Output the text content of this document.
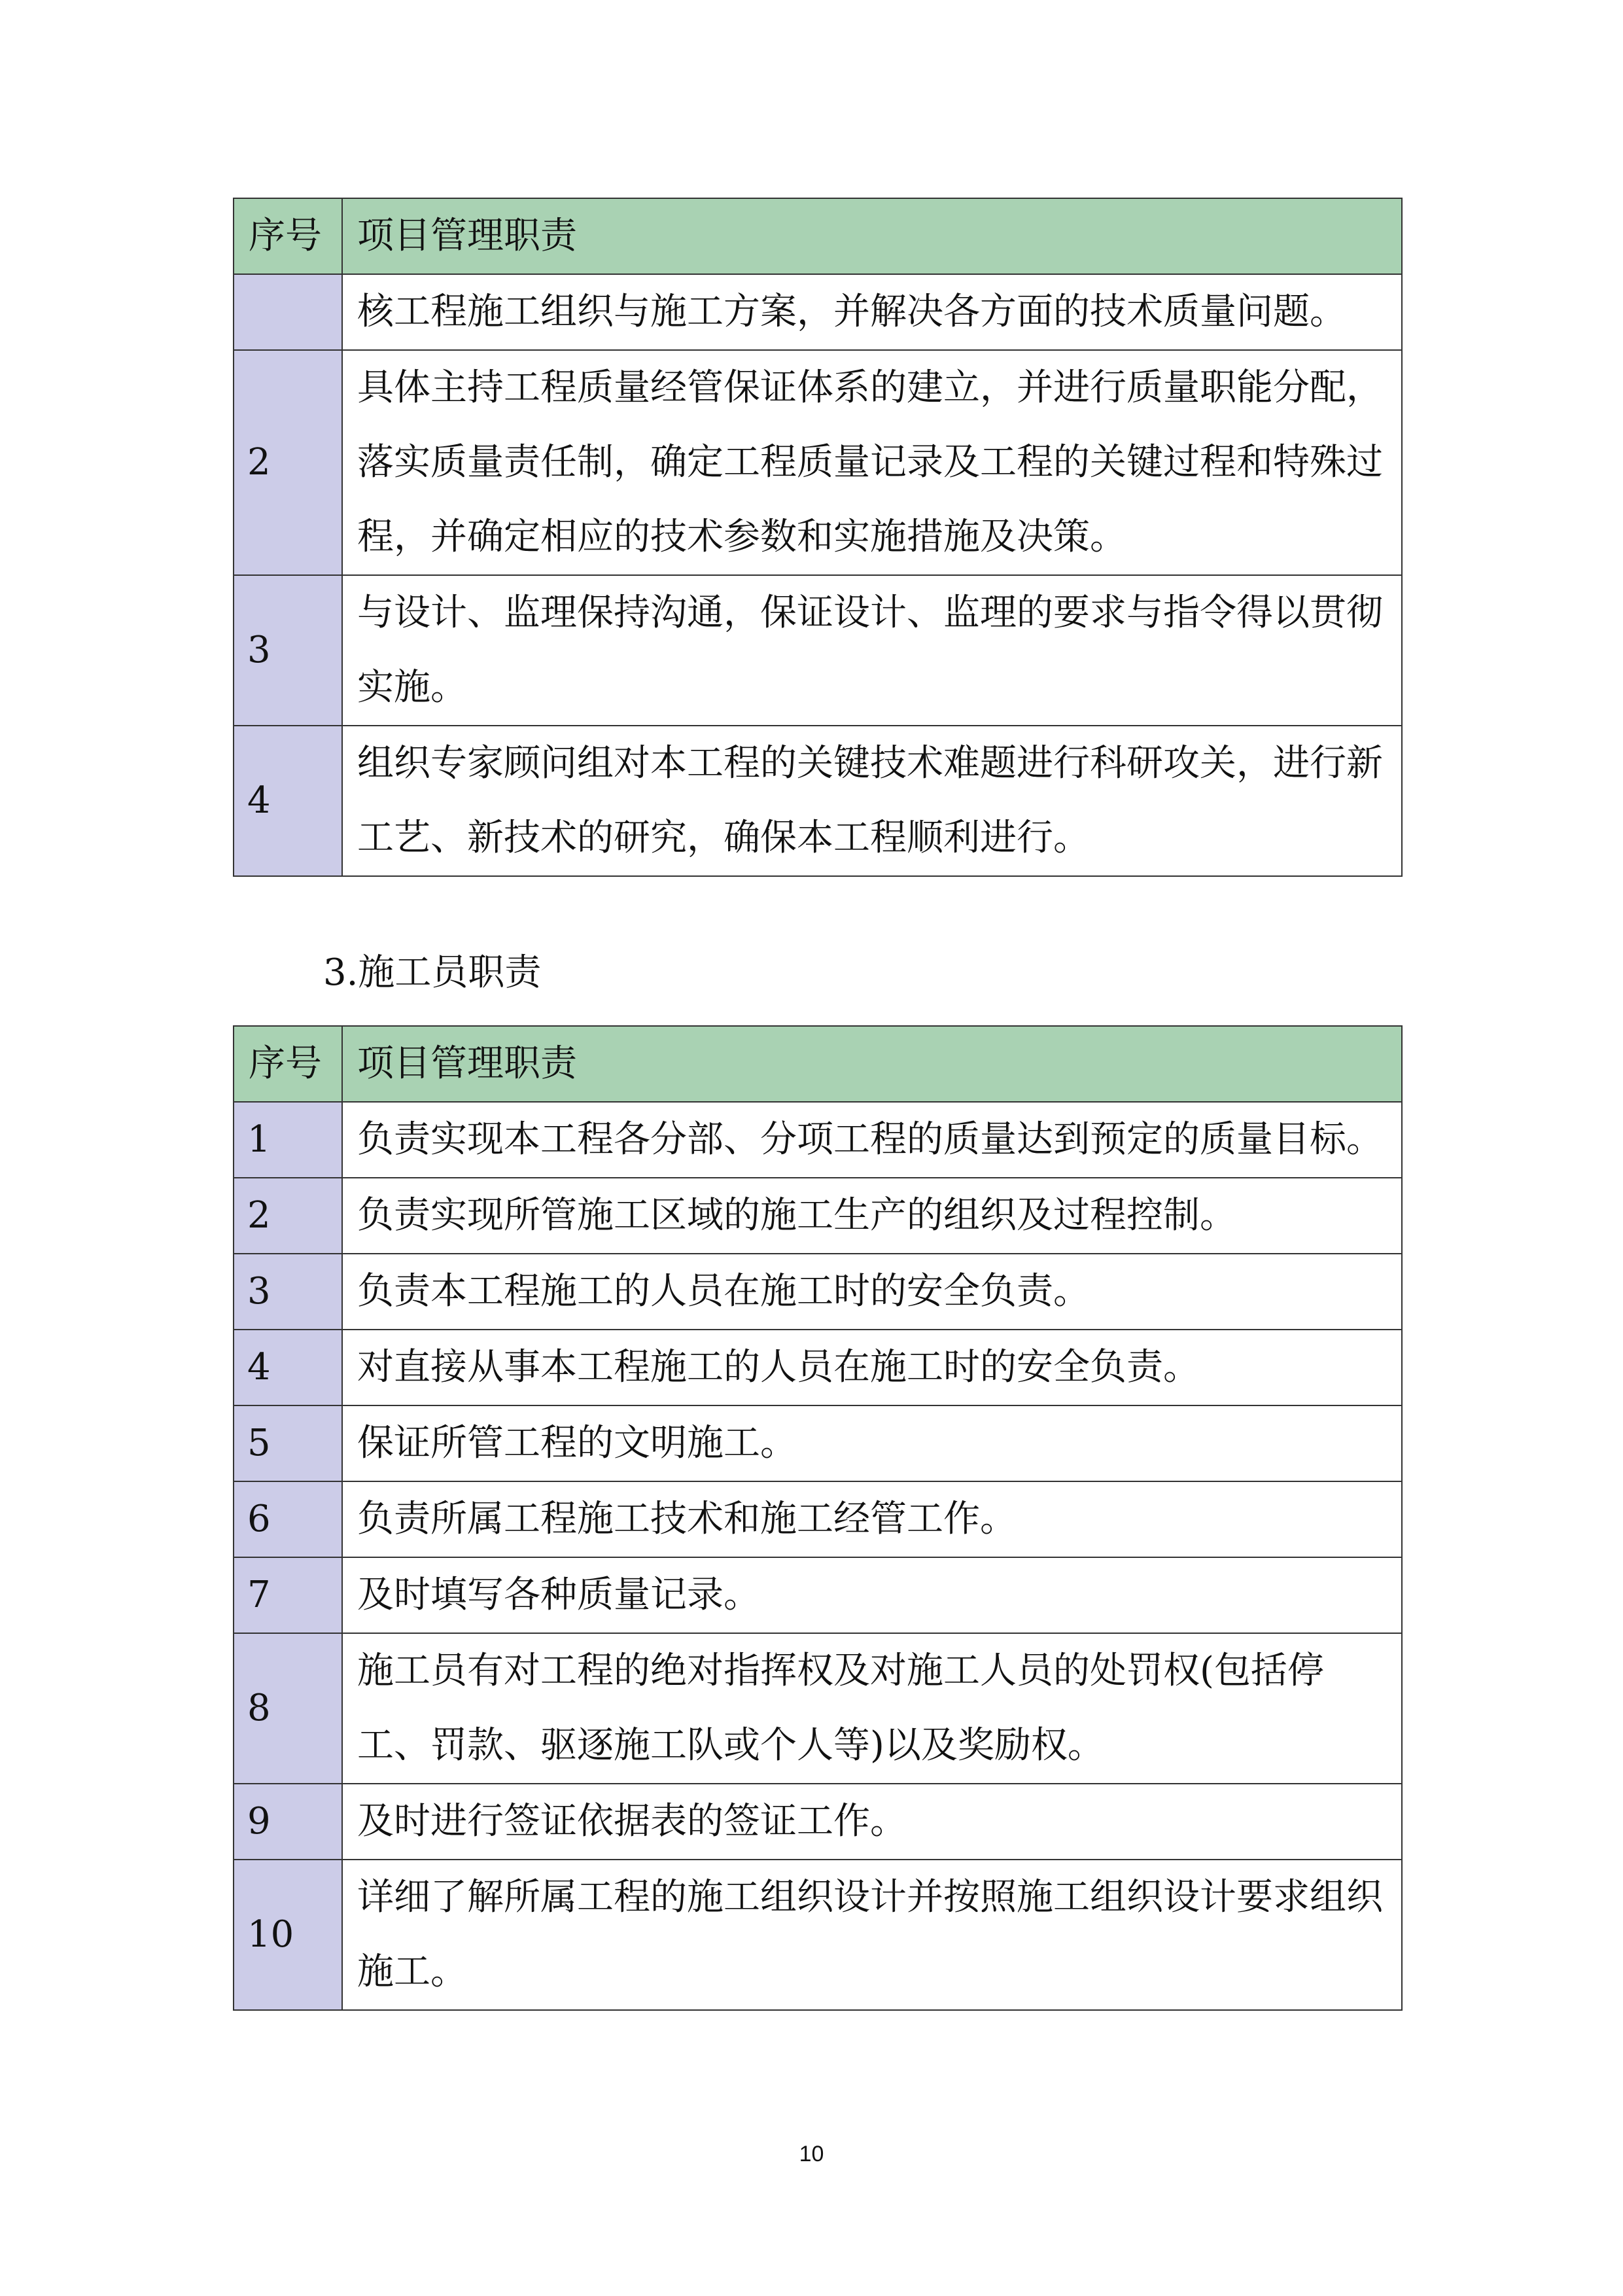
序号	项目管理职责
	核工程施工组织与施工方案，并解决各方面的技术质量问题。
2	具体主持工程质量经管保证体系的建立，并进行质量职能分配，落实质量责任制，确定工程质量记录及工程的关键过程和特殊过程，并确定相应的技术参数和实施措施及决策。
3	与设计、监理保持沟通，保证设计、监理的要求与指令得以贯彻实施。
4	组织专家顾问组对本工程的关键技术难题进行科研攻关，进行新工艺、新技术的研究，确保本工程顺利进行。
3.施工员职责
序号	项目管理职责
1	负责实现本工程各分部、分项工程的质量达到预定的质量目标。
2	负责实现所管施工区域的施工生产的组织及过程控制。
3	负责本工程施工的人员在施工时的安全负责。
4	对直接从事本工程施工的人员在施工时的安全负责。
5	保证所管工程的文明施工。
6	负责所属工程施工技术和施工经管工作。
7	及时填写各种质量记录。
8	施工员有对工程的绝对指挥权及对施工人员的处罚权(包括停工、罚款、驱逐施工队或个人等)以及奖励权。
9	及时进行签证依据表的签证工作。
10	详细了解所属工程的施工组织设计并按照施工组织设计要求组织施工。
10
